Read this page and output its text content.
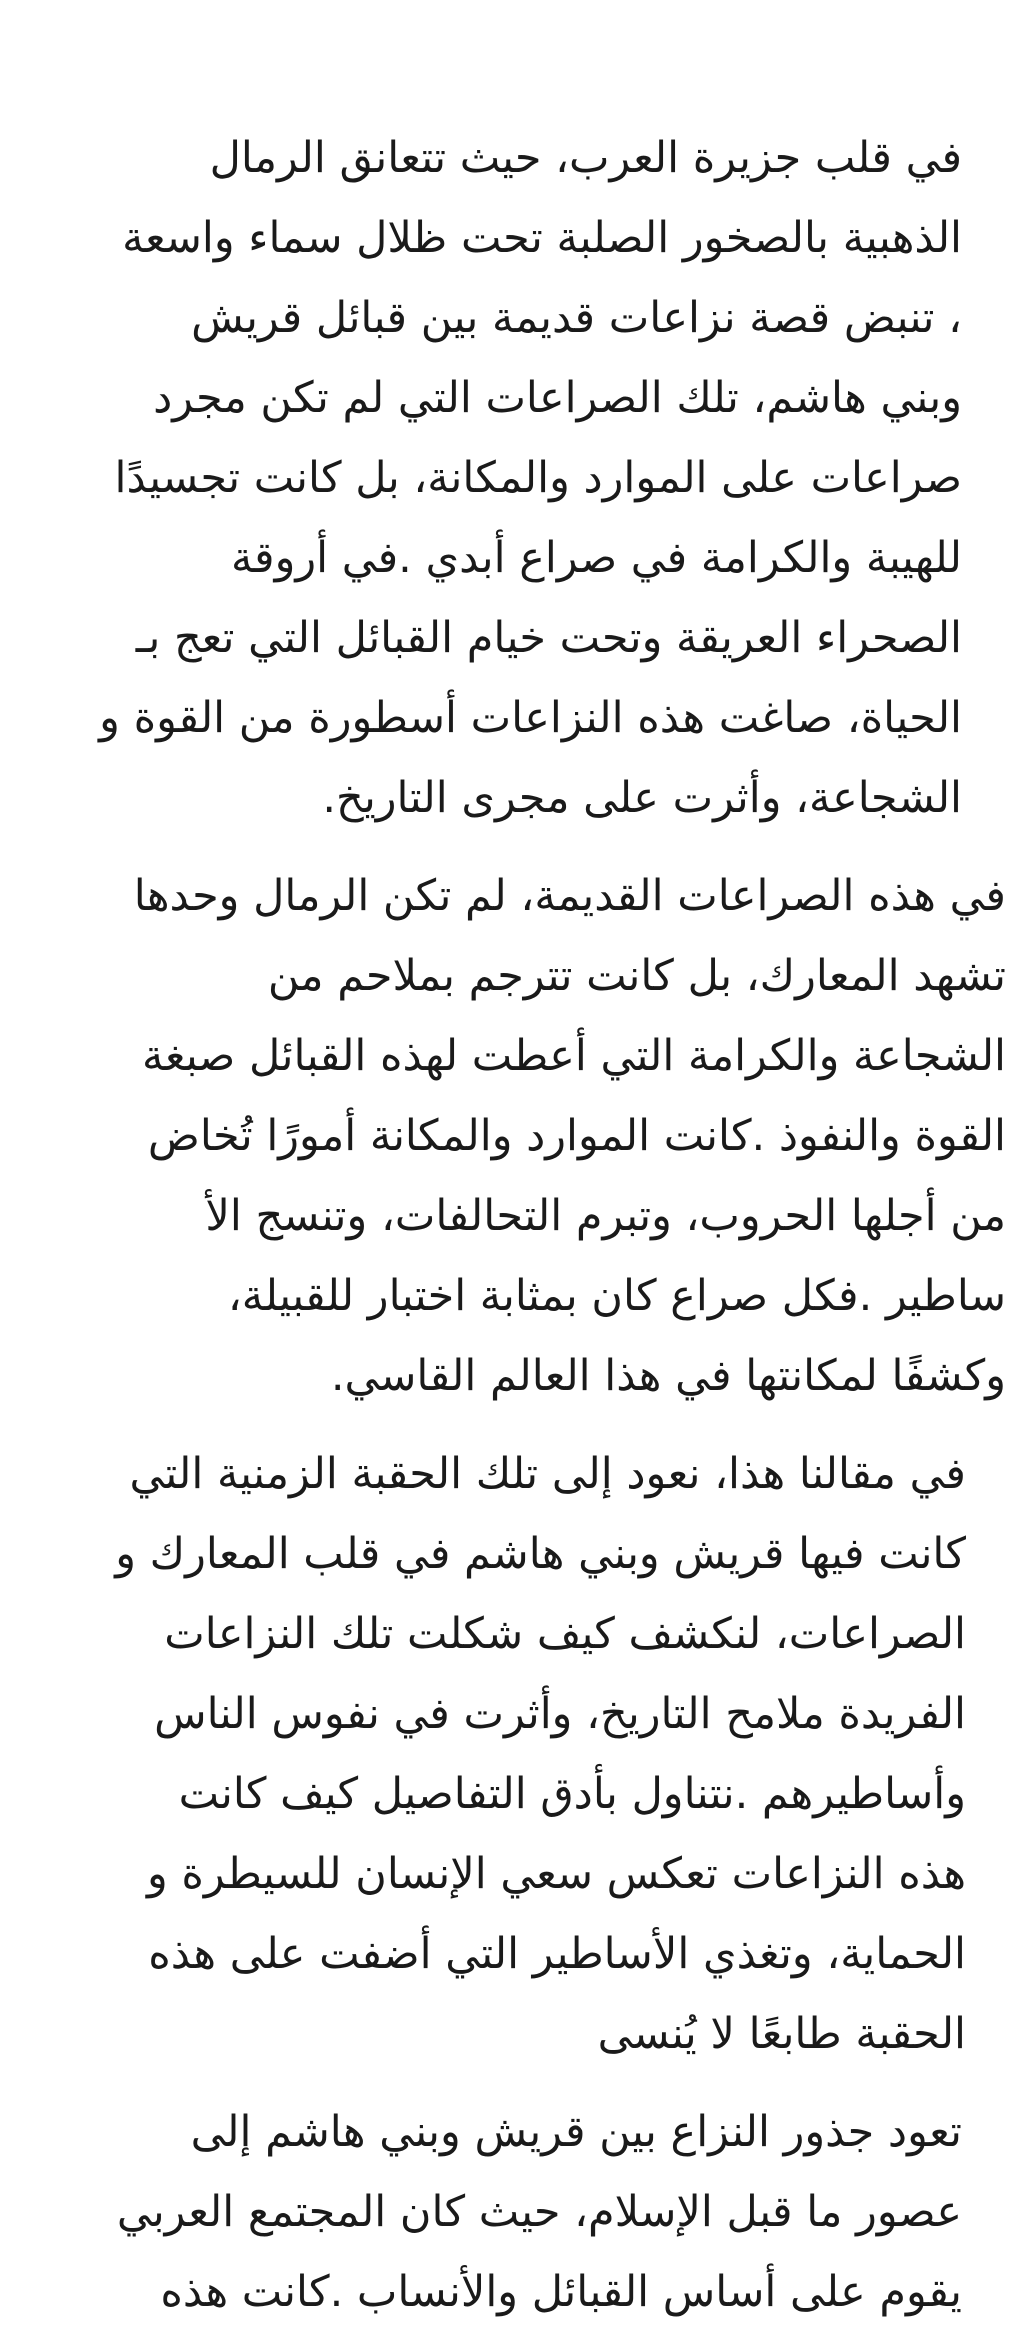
في قلب جزيرة العرب، حيث تتعانق الرمال
الذهبية بالصخور الصلبة تحت ظلال سماء واسعة
، تنبض قصة نزاعات قديمة بين قبائل قريش
وبني هاشم، تلك الصراعات التي لم تكن مجرد
صراعات على الموارد والمكانة، بل كانت تجسيدًا
للهيبة والكرامة في صراع أبدي .في أروقة
الصحراء العريقة وتحت خيام القبائل التي تعج بـ
الحياة، صاغت هذه النزاعات أسطورة من القوة و
الشجاعة، وأثرت على مجرى التاريخ.

في هذه الصراعات القديمة، لم تكن الرمال وحدها
تشهد المعارك، بل كانت تترجم بملاحم من
الشجاعة والكرامة التي أعطت لهذه القبائل صبغة
القوة والنفوذ .كانت الموارد والمكانة أمورًا تُخاض
من أجلها الحروب، وتبرم التحالفات، وتنسج الأ
ساطير .فكل صراع كان بمثابة اختبار للقبيلة،
وكشفًا لمكانتها في هذا العالم القاسي.

في مقالنا هذا، نعود إلى تلك الحقبة الزمنية التي
كانت فيها قريش وبني هاشم في قلب المعارك و
الصراعات، لنكشف كيف شكلت تلك النزاعات
الفريدة ملامح التاريخ، وأثرت في نفوس الناس
وأساطيرهم .نتناول بأدق التفاصيل كيف كانت
هذه النزاعات تعكس سعي الإنسان للسيطرة و
الحماية، وتغذي الأساطير التي أضفت على هذه
الحقبة طابعًا لا يُنسى

تعود جذور النزاع بين قريش وبني هاشم إلى
عصور ما قبل الإسلام، حيث كان المجتمع العربي
يقوم على أساس القبائل والأنساب .كانت هذه
